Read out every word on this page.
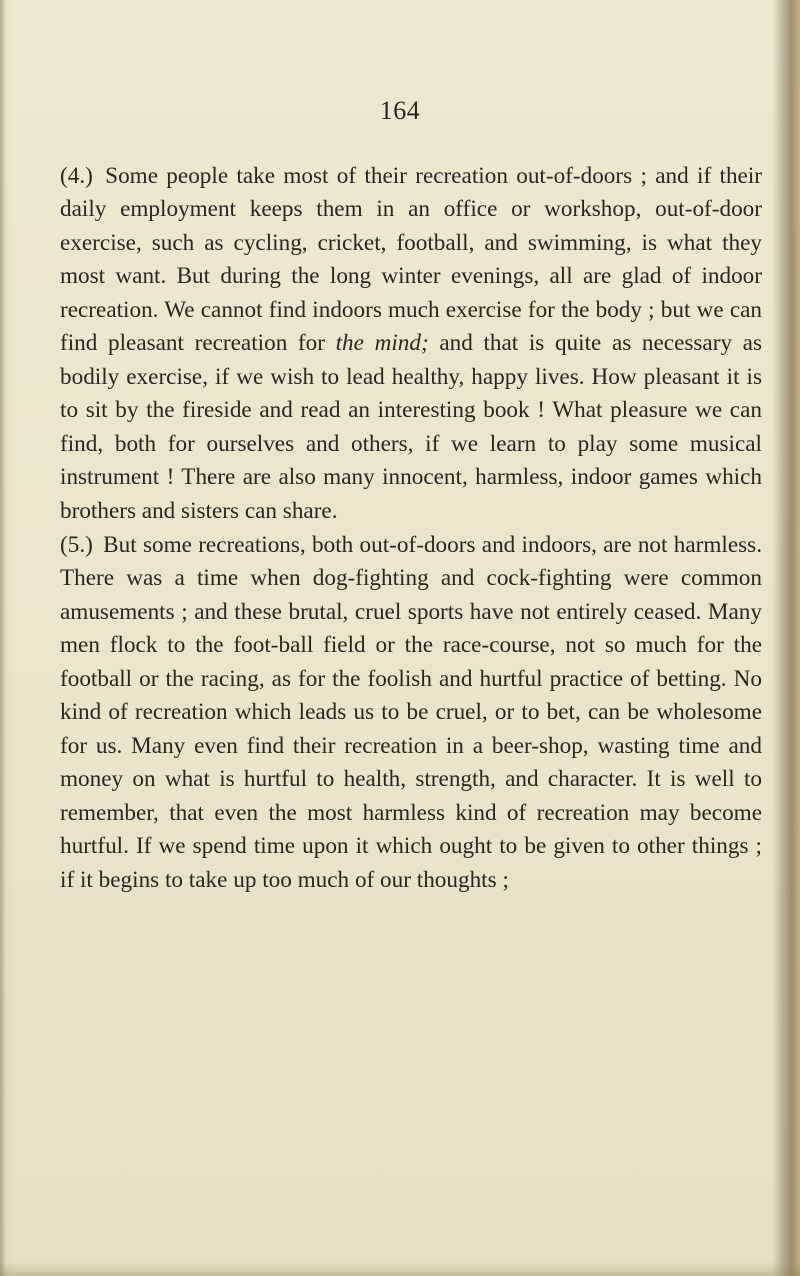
164

(4.) Some people take most of their recreation out-of-doors ; and if their daily employment keeps them in an office or workshop, out-of-door exercise, such as cycling, cricket, football, and swimming, is what they most want. But during the long winter evenings, all are glad of indoor recreation. We cannot find indoors much exercise for the body ; but we can find pleasant recreation for the mind; and that is quite as necessary as bodily exercise, if we wish to lead healthy, happy lives. How pleasant it is to sit by the fireside and read an interesting book ! What pleasure we can find, both for ourselves and others, if we learn to play some musical instrument ! There are also many innocent, harmless, indoor games which brothers and sisters can share.

(5.) But some recreations, both out-of-doors and indoors, are not harmless. There was a time when dog-fighting and cock-fighting were common amusements ; and these brutal, cruel sports have not entirely ceased. Many men flock to the foot-ball field or the race-course, not so much for the football or the racing, as for the foolish and hurtful practice of betting. No kind of recreation which leads us to be cruel, or to bet, can be wholesome for us. Many even find their recreation in a beer-shop, wasting time and money on what is hurtful to health, strength, and character. It is well to remember, that even the most harmless kind of recreation may become hurtful. If we spend time upon it which ought to be given to other things ; if it begins to take up too much of our thoughts ;
